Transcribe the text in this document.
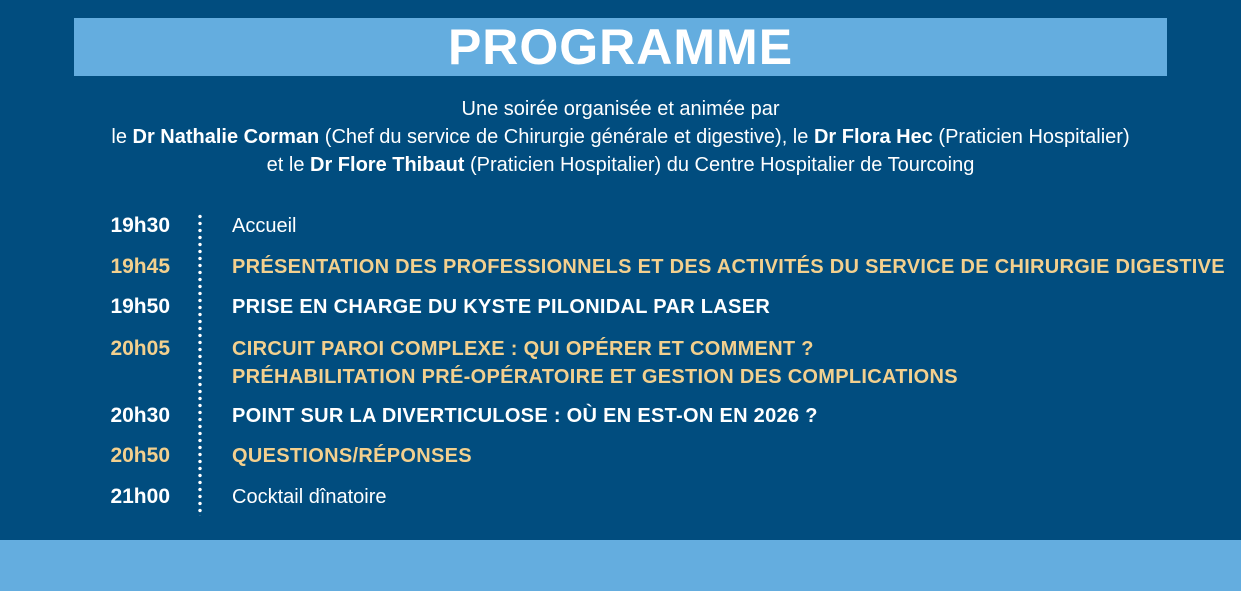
PROGRAMME
Une soirée organisée et animée par
le Dr Nathalie Corman (Chef du service de Chirurgie générale et digestive), le Dr Flora Hec (Praticien Hospitalier)
et le Dr Flore Thibaut (Praticien Hospitalier) du Centre Hospitalier de Tourcoing
19h30	Accueil
19h45	PRÉSENTATION DES PROFESSIONNELS ET DES ACTIVITÉS DU SERVICE DE CHIRURGIE DIGESTIVE
19h50	PRISE EN CHARGE DU KYSTE PILONIDAL PAR LASER
20h05	CIRCUIT PAROI COMPLEXE : QUI OPÉRER ET COMMENT ?
PRÉHABILITATION PRÉ-OPÉRATOIRE ET GESTION DES COMPLICATIONS
20h30	POINT SUR LA DIVERTICULOSE : OÙ EN EST-ON EN 2026 ?
20h50	QUESTIONS/RÉPONSES
21h00	Cocktail dînatoire
